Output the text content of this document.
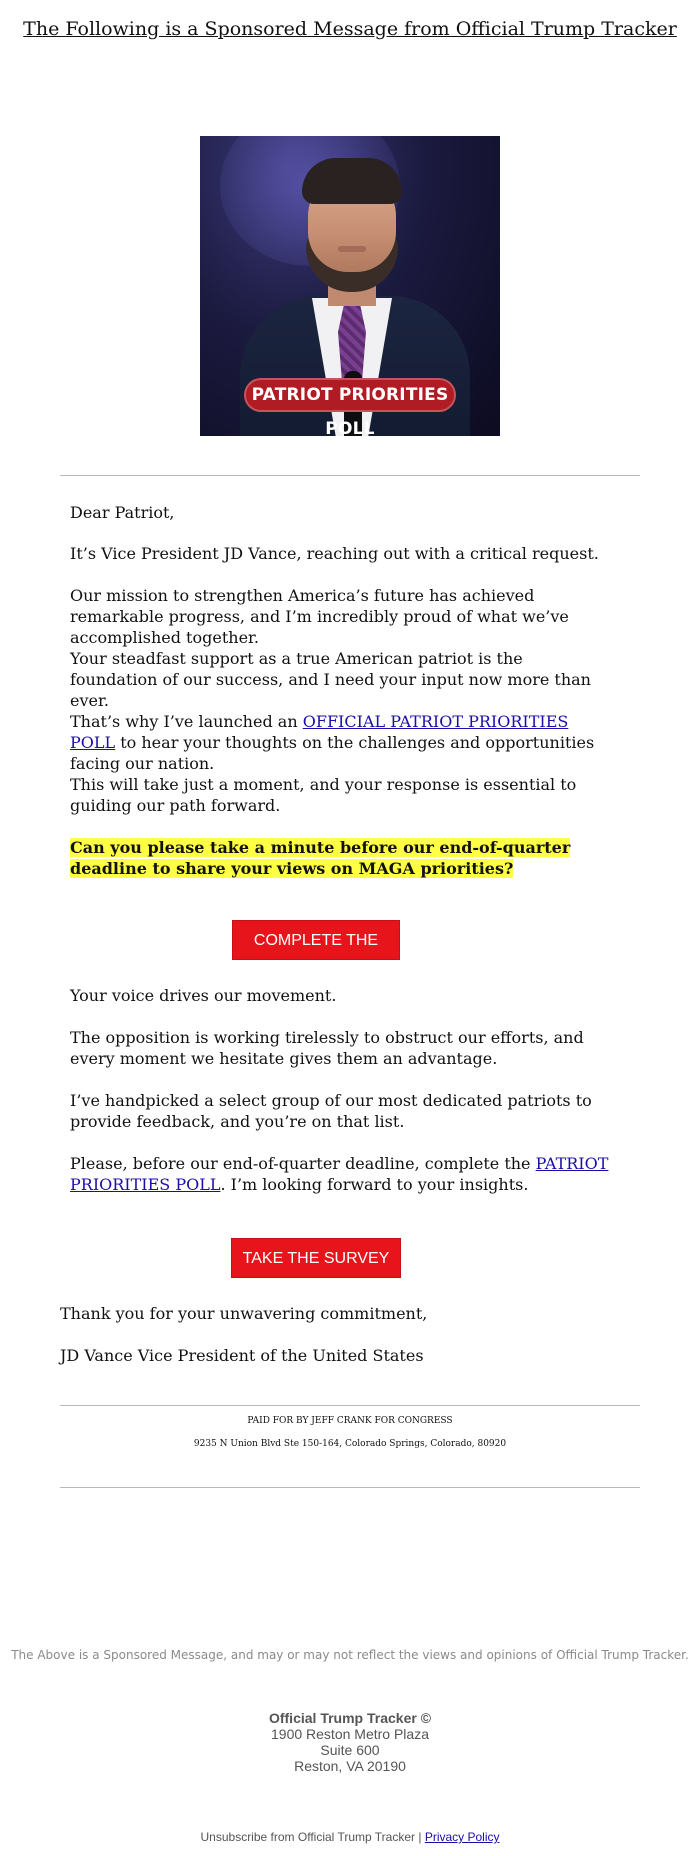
The Following is a Sponsored Message from Official Trump Tracker
PATRIOT PRIORITIES POLL

Dear Patriot,

It’s Vice President JD Vance, reaching out with a critical request.

Our mission to strengthen America’s future has achieved remarkable progress, and I’m incredibly proud of what we’ve accomplished together.

Your steadfast support as a true American patriot is the foundation of our success, and I need your input now more than ever.

That’s why I’ve launched an OFFICIAL PATRIOT PRIORITIES POLL to hear your thoughts on the challenges and opportunities facing our nation.

This will take just a moment, and your response is essential to guiding our path forward.

Can you please take a minute before our end-of-quarter deadline to share your views on MAGA priorities?

COMPLETE THE SURVEY>>

Your voice drives our movement.

The opposition is working tirelessly to obstruct our efforts, and every moment we hesitate gives them an advantage.

I’ve handpicked a select group of our most dedicated patriots to provide feedback, and you’re on that list.

Please, before our end-of-quarter deadline, complete the PATRIOT PRIORITIES POLL. I’m looking forward to your insights.

TAKE THE SURVEY NOW >>

Thank you for your unwavering commitment,

JD Vance Vice President of the United States

PAID FOR BY JEFF CRANK FOR CONGRESS
9235 N Union Blvd Ste 150-164, Colorado Springs, Colorado, 80920
The Above is a Sponsored Message, and may or may not reflect the views and opinions of Official Trump Tracker.
Official Trump Tracker ©
1900 Reston Metro Plaza
Suite 600
Reston, VA 20190
Unsubscribe from Official Trump Tracker | Privacy Policy
